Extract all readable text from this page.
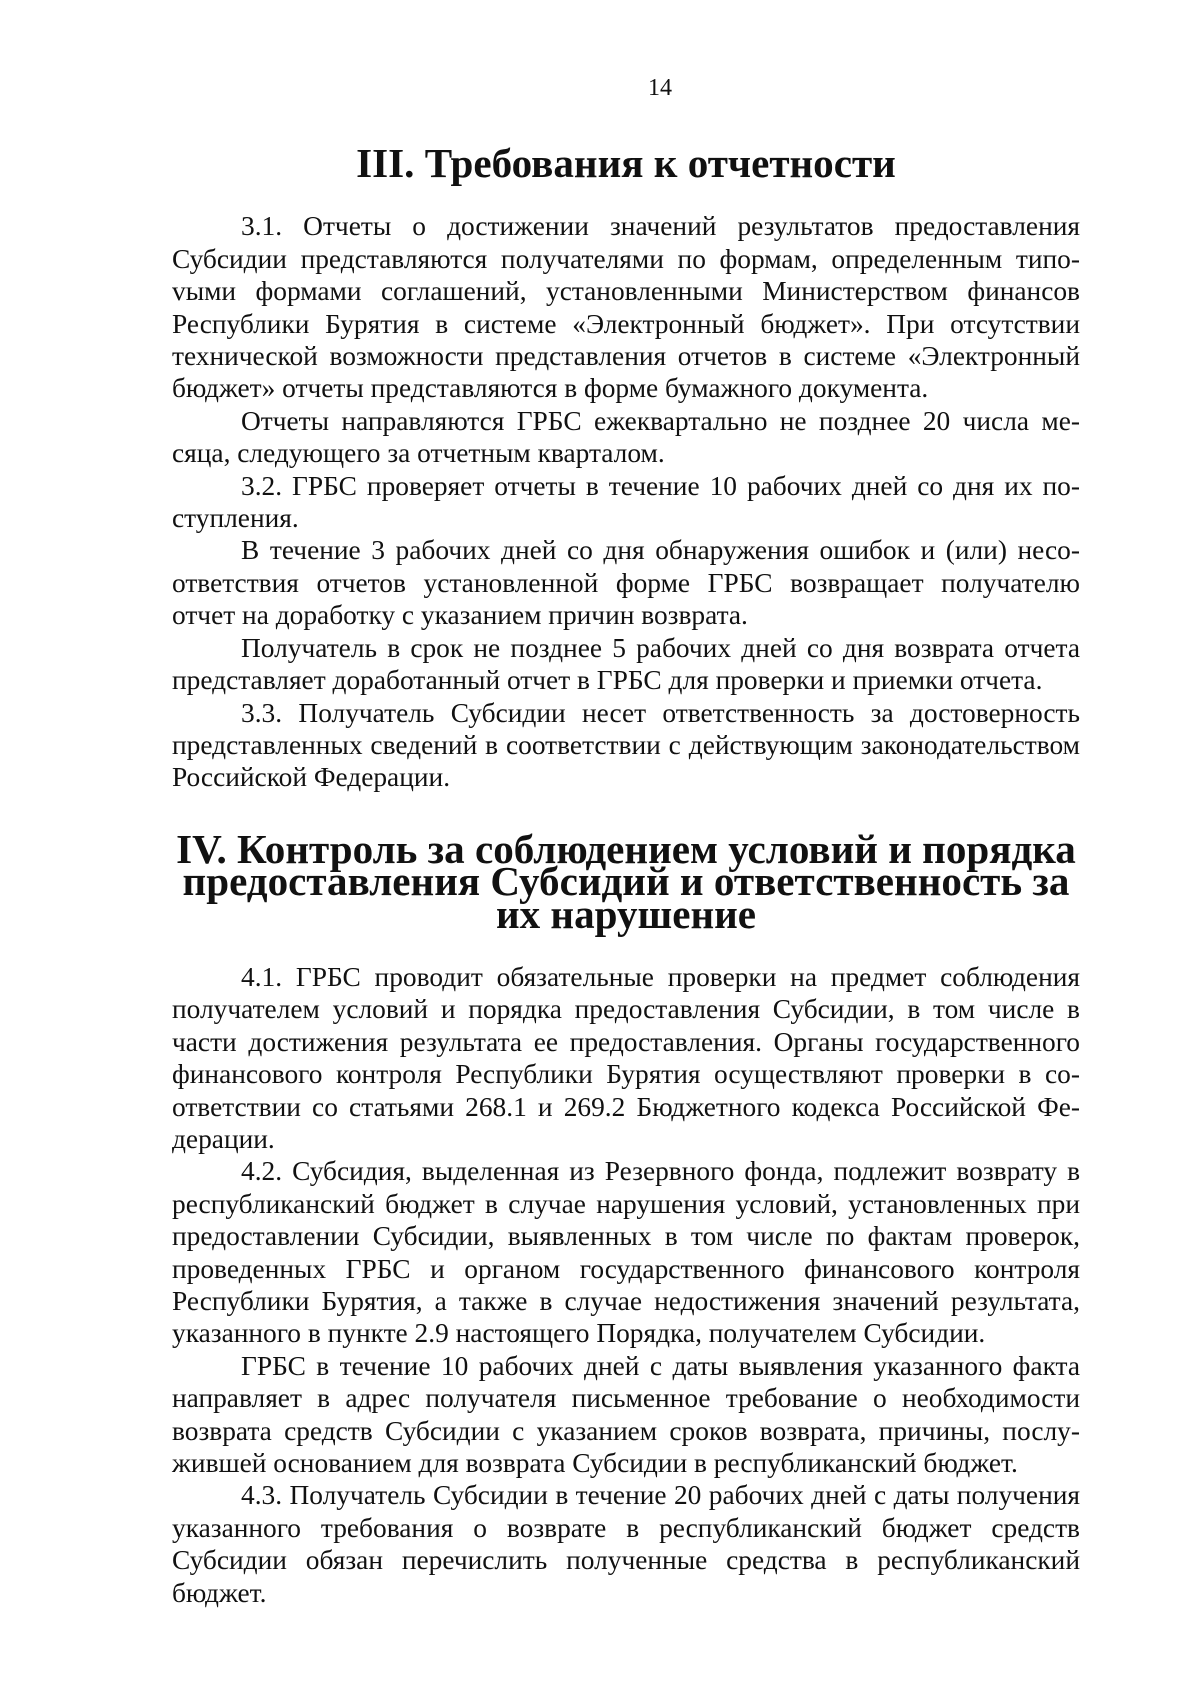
14
III. Требования к отчетности

3.1. Отчеты о достижении значений результатов предоставления Субсидии представляются получателями по формам, определенным типоvыми формами соглашений, установленными Министерством финансов Республики Бурятия в системе «Электронный бюджет». При отсутствии технической возможности представления отчетов в системе «Электронный бюджет» отчеты представляются в форме бумажного документа.

Отчеты направляются ГРБС ежеквартально не позднее 20 числа месяца, следующего за отчетным кварталом.

3.2. ГРБС проверяет отчеты в течение 10 рабочих дней со дня их поступления.

В течение 3 рабочих дней со дня обнаружения ошибок и (или) несоответствия отчетов установленной форме ГРБС возвращает получателю отчет на доработку с указанием причин возврата.

Получатель в срок не позднее 5 рабочих дней со дня возврата отчета представляет доработанный отчет в ГРБС для проверки и приемки отчета.

3.3. Получатель Субсидии несет ответственность за достоверность представленных сведений в соответствии с действующим законодательством Российской Федерации.

IV. Контроль за соблюдением условий и порядка
предоставления Субсидий и ответственность за их нарушение

4.1. ГРБС проводит обязательные проверки на предмет соблюдения получателем условий и порядка предоставления Субсидии, в том числе в части достижения результата ее предоставления. Органы государственного финансового контроля Республики Бурятия осуществляют проверки в соответствии со статьями 268.1 и 269.2 Бюджетного кодекса Российской Федерации.

4.2. Субсидия, выделенная из Резервного фонда, подлежит возврату в республиканский бюджет в случае нарушения условий, установленных при предоставлении Субсидии, выявленных в том числе по фактам проверок, проведенных ГРБС и органом государственного финансового контроля Республики Бурятия, а также в случае недостижения значений результата, указанного в пункте 2.9 настоящего Порядка, получателем Субсидии.

ГРБС в течение 10 рабочих дней с даты выявления указанного факта направляет в адрес получателя письменное требование о необходимости возврата средств Субсидии с указанием сроков возврата, причины, послужившей основанием для возврата Субсидии в республиканский бюджет.

4.3. Получатель Субсидии в течение 20 рабочих дней с даты получения указанного требования о возврате в республиканский бюджет средств Субсидии обязан перечислить полученные средства в республиканский бюджет.
